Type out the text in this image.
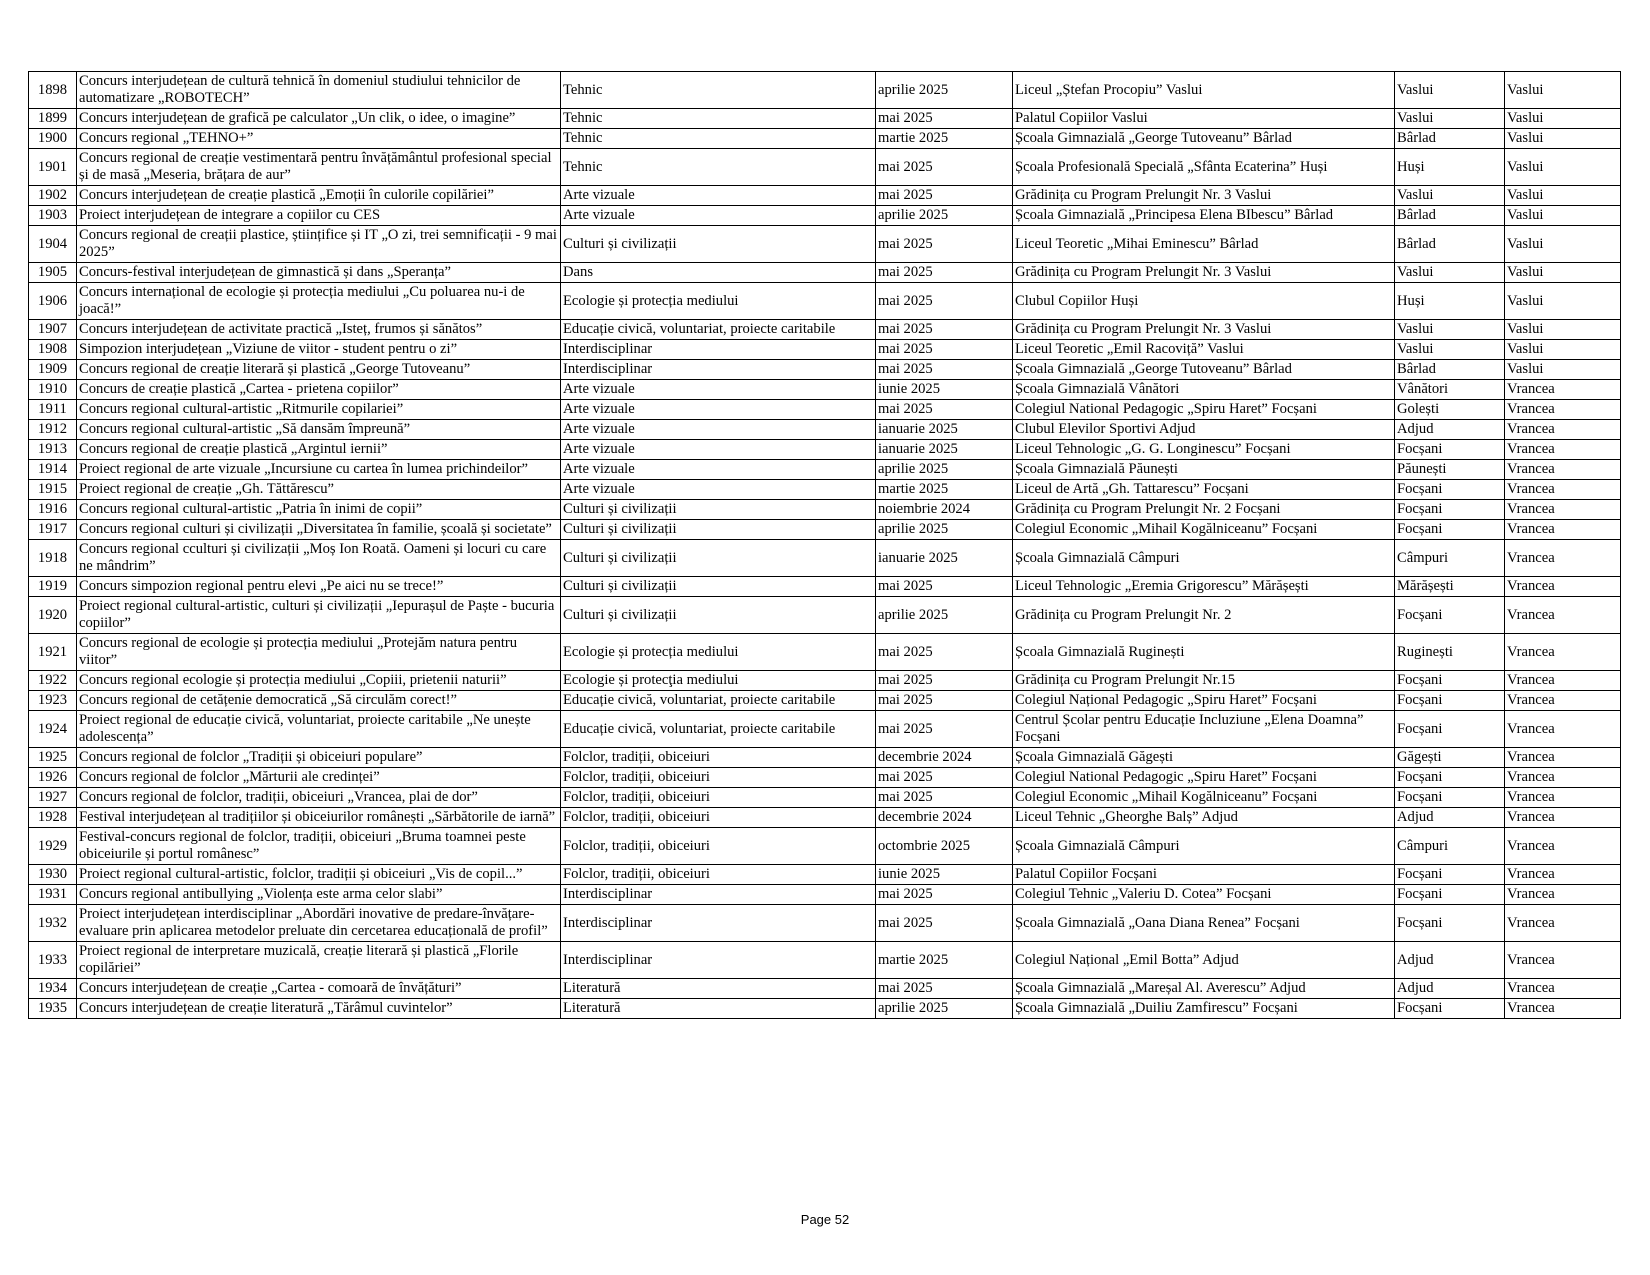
1898	Concurs interjudețean de cultură tehnică în domeniul studiului tehnicilor de automatizare „ROBOTECH”	Tehnic	aprilie 2025	Liceul „Ștefan Procopiu” Vaslui	Vaslui	Vaslui
1899	Concurs interjudețean de grafică pe calculator „Un clik, o idee, o imagine”	Tehnic	mai 2025	Palatul Copiilor Vaslui	Vaslui	Vaslui
1900	Concurs regional „TEHNO+”	Tehnic	martie 2025	Școala Gimnazială „George Tutoveanu” Bârlad	Bârlad	Vaslui
1901	Concurs regional de creație vestimentară pentru învățământul profesional special și de masă „Meseria, brățara de aur”	Tehnic	mai 2025	Școala Profesională Specială „Sfânta Ecaterina” Huși	Huși	Vaslui
1902	Concurs interjudețean de creație plastică „Emoții în culorile copilăriei”	Arte vizuale	mai 2025	Grădinița cu Program Prelungit Nr. 3 Vaslui	Vaslui	Vaslui
1903	Proiect interjudețean de integrare a copiilor cu CES	Arte vizuale	aprilie 2025	Școala Gimnazială „Principesa Elena BIbescu” Bârlad	Bârlad	Vaslui
1904	Concurs regional de creații plastice, științifice și IT „O zi, trei semnificații - 9 mai 2025”	Culturi și civilizații	mai 2025	Liceul Teoretic „Mihai Eminescu” Bârlad	Bârlad	Vaslui
1905	Concurs-festival interjudețean de gimnastică și dans „Speranța”	Dans	mai 2025	Grădinița cu Program Prelungit Nr. 3 Vaslui	Vaslui	Vaslui
1906	Concurs internațional de ecologie și protecția mediului „Cu poluarea nu-i de joacă!”	Ecologie și protecția mediului	mai 2025	Clubul Copiilor Huși	Huși	Vaslui
1907	Concurs interjudețean de activitate practică „Isteț, frumos și sănătos”	Educație civică, voluntariat, proiecte caritabile	mai 2025	Grădinița cu Program Prelungit Nr. 3 Vaslui	Vaslui	Vaslui
1908	Simpozion interjudețean „Viziune de viitor - student pentru o zi”	Interdisciplinar	mai 2025	Liceul Teoretic „Emil Racoviță” Vaslui	Vaslui	Vaslui
1909	Concurs regional de creație literară și plastică „George Tutoveanu”	Interdisciplinar	mai 2025	Școala Gimnazială „George Tutoveanu” Bârlad	Bârlad	Vaslui
1910	Concurs de creație plastică „Cartea - prietena copiilor”	Arte vizuale	iunie 2025	Școala Gimnazială Vânători	Vânători	Vrancea
1911	Concurs regional cultural-artistic „Ritmurile copilariei”	Arte vizuale	mai 2025	Colegiul National Pedagogic „Spiru Haret” Focșani	Golești	Vrancea
1912	Concurs regional cultural-artistic „Să dansăm împreună”	Arte vizuale	ianuarie 2025	Clubul Elevilor Sportivi Adjud	Adjud	Vrancea
1913	Concurs regional de creație plastică „Argintul iernii”	Arte vizuale	ianuarie 2025	Liceul Tehnologic „G. G. Longinescu” Focșani	Focșani	Vrancea
1914	Proiect regional de arte vizuale „Incursiune cu cartea în lumea prichindeilor”	Arte vizuale	aprilie 2025	Școala Gimnazială Păunești	Păunești	Vrancea
1915	Proiect regional de creație „Gh. Tăttărescu”	Arte vizuale	martie 2025	Liceul de Artă „Gh. Tattarescu” Focșani	Focșani	Vrancea
1916	Concurs regional cultural-artistic „Patria în inimi de copii”	Culturi și civilizații	noiembrie 2024	Grădinița cu Program Prelungit Nr. 2 Focșani	Focșani	Vrancea
1917	Concurs regional culturi și civilizații „Diversitatea în familie, școală și societate”	Culturi și civilizații	aprilie 2025	Colegiul Economic „Mihail Kogălniceanu” Focșani	Focșani	Vrancea
1918	Concurs regional cculturi și civilizații „Moș Ion Roată. Oameni și locuri cu care ne mândrim”	Culturi și civilizații	ianuarie 2025	Școala Gimnazială Câmpuri	Câmpuri	Vrancea
1919	Concurs simpozion regional pentru elevi „Pe aici nu se trece!”	Culturi și civilizații	mai 2025	Liceul Tehnologic „Eremia Grigorescu” Mărășești	Mărășești	Vrancea
1920	Proiect regional cultural-artistic, culturi și civilizații „Iepurașul de Paște - bucuria copiilor”	Culturi și civilizații	aprilie 2025	Grădinița cu Program Prelungit Nr. 2	Focșani	Vrancea
1921	Concurs regional de ecologie și protecția mediului „Protejăm natura pentru viitor”	Ecologie și protecția mediului	mai 2025	Școala Gimnazială Ruginești	Ruginești	Vrancea
1922	Concurs regional ecologie și protecția mediului „Copiii, prietenii naturii”	Ecologie și protecţia mediului	mai 2025	Grădinița cu Program Prelungit Nr.15	Focșani	Vrancea
1923	Concurs regional de cetățenie democratică „Să circulăm corect!”	Educație civică, voluntariat, proiecte caritabile	mai 2025	Colegiul Național Pedagogic „Spiru Haret” Focșani	Focșani	Vrancea
1924	Proiect regional de educație civică, voluntariat, proiecte caritabile „Ne unește adolescența”	Educație civică, voluntariat, proiecte caritabile	mai 2025	Centrul Școlar pentru Educație Incluziune „Elena Doamna” Focșani	Focșani	Vrancea
1925	Concurs regional de folclor „Tradiții și obiceiuri populare”	Folclor, tradiții, obiceiuri	decembrie 2024	Școala Gimnazială Găgești	Găgești	Vrancea
1926	Concurs regional de folclor „Mărturii ale credinței”	Folclor, tradiții, obiceiuri	mai 2025	Colegiul National Pedagogic „Spiru Haret” Focșani	Focșani	Vrancea
1927	Concurs regional de folclor, tradiții, obiceiuri „Vrancea, plai de dor”	Folclor, tradiții, obiceiuri	mai 2025	Colegiul Economic „Mihail Kogălniceanu” Focșani	Focșani	Vrancea
1928	Festival interjudețean al tradițiilor și obiceiurilor românești „Sărbătorile de iarnă”	Folclor, tradiții, obiceiuri	decembrie 2024	Liceul Tehnic „Gheorghe Balș” Adjud	Adjud	Vrancea
1929	Festival-concurs regional de folclor, tradiții, obiceiuri „Bruma toamnei peste obiceiurile și portul românesc”	Folclor, tradiții, obiceiuri	octombrie 2025	Școala Gimnazială Câmpuri	Câmpuri	Vrancea
1930	Proiect regional cultural-artistic, folclor, tradiții și obiceiuri „Vis de copil...”	Folclor, tradiții, obiceiuri	iunie 2025	Palatul Copiilor Focșani	Focșani	Vrancea
1931	Concurs regional antibullying „Violența este arma celor slabi”	Interdisciplinar	mai 2025	Colegiul Tehnic „Valeriu D. Cotea” Focșani	Focșani	Vrancea
1932	Proiect interjudețean interdisciplinar „Abordări inovative de predare-învățare-evaluare prin aplicarea metodelor preluate din cercetarea educațională de profil”	Interdisciplinar	mai 2025	Școala Gimnazială „Oana Diana Renea” Focșani	Focșani	Vrancea
1933	Proiect regional de interpretare muzicală, creație literară și plastică „Florile copilăriei”	Interdisciplinar	martie 2025	Colegiul Național „Emil Botta” Adjud	Adjud	Vrancea
1934	Concurs interjudețean de creație „Cartea - comoară de învățături”	Literatură	mai 2025	Școala Gimnazială „Mareșal Al. Averescu” Adjud	Adjud	Vrancea
1935	Concurs interjudețean de creație literatură „Tărâmul cuvintelor”	Literatură	aprilie 2025	Școala Gimnazială „Duiliu Zamfirescu” Focșani	Focșani	Vrancea
Page 52
